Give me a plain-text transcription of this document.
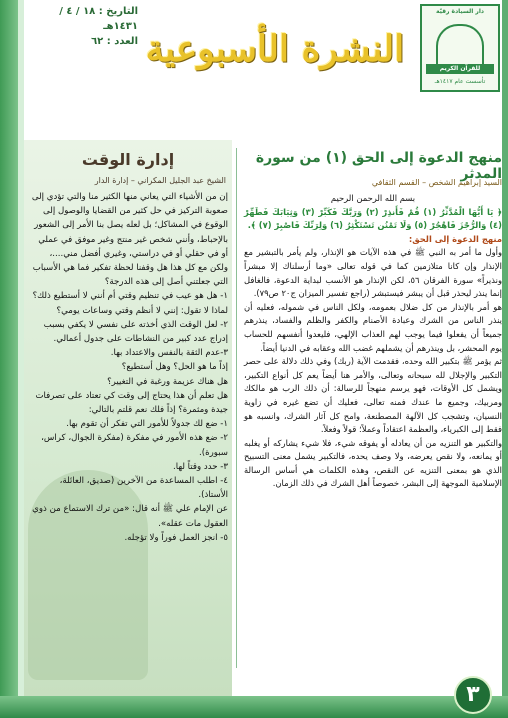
التاريخ : ١٨ / ٤ / ١٤٣١هـ
العدد : ٦٢ النشرة الأسبوعية
دار السيادة رقيّة
للقرآن الكريم
تأسست عام ١٤١٧هـ
منهج الدعوة إلى الحق (١) من سورة المدثر
السيد إبراهيم الشخص – القسم الثقافي

بسم الله الرحمن الرحيم

﴿ يَا أَيُّهَا الْمُدَّثِّرُ (١) قُمْ فَأَنذِرْ (٢) وَرَبَّكَ فَكَبِّرْ (٣) وَثِيَابَكَ فَطَهِّرْ (٤) وَالرُّجْزَ فَاهْجُرْ (٥) وَلَا تَمْنُن تَسْتَكْثِرُ (٦) وَلِرَبِّكَ فَاصْبِرْ (٧) ﴾.

منهج الدعوة إلى الحق:

وأول ما أمر به النبي ﷺ في هذه الآيات هو الإنذار، ولم يأمر بالتبشير مع الإنذار وإن كانا متلازمين كما في قوله تعالى «وما أرسلناك إلا مبشراً ونذيراً» سورة الفرقان ٥٦، لكن الإنذار هو الأنسب لبداية الدعوة، فالغافل إنما ينذر ليحذر قبل أن يبشر فيستبشر (راجع تفسير الميزان ج٢٠ ص٧٩).

هو أمر بالإنذار من كل ضلال بعمومه، ولكل الناس في شموله، فعليه أن ينذر الناس من الشرك وعبادة الأصنام والكفر والظلم والفساد، ينذرهم جميعاً أن يفعلوا فيما يوجب لهم العذاب الإلهي، فليعدوا أنفسهم للحساب يوم المحشر، بل وينذرهم أن يشملهم غضب الله وعقابه في الدنيا أيضاً.

ثم يؤمر ﷺ بتكبير الله وحده، فقدمت الآية (ربك) وفي ذلك دلالة على حصر التكبير والإجلال لله سبحانه وتعالى، والأمر هنا أيضاً يعم كل أنواع التكبير، ويشمل كل الأوقات، فهو يرسم منهجاً للرسالة: أن ذلك الرب هو مالكك ومربيك، وجميع ما عندك فمنه تعالى، فعليك أن تضع غيره في زاوية النسيان، وتشجب كل الآلهة المصطنعة، وامح كل آثار الشرك، وانسبه هو فقط إلى الكبرياء، والعظمة اعتقاداً وعملاً؛ قولاً وفعلاً.

والتكبير هو التنزيه من أن يعادله أو يفوقه شيء، فلا شيء يشاركه أو يغلبه أو يمانعه، ولا نقص يعرضه، ولا وصف يحده، فالتكبير يشمل معنى التسبيح الذي هو بمعنى التنزيه عن النقص، وهذه الكلمات هي أساس الرسالة الإسلامية الموجهة إلى البشر، خصوصاً أهل الشرك في ذلك الزمان.

إدارة الوقت
الشيخ عبد الجليل المكراني – إدارة الدار

إن من الأشياء التي يعاني منها الكثير منا والتي تؤدي إلى صعوبة التركيز في حل كثير من القضايا والوصول إلى الوقوع في المشاكل؛ بل لعله يصل بنا الأمر إلى الشعور بالإحباط، وأنني شخص غير منتج وغير موفق في عملي أو في حقلي أو في دراستي، وغيري أفضل مني....، ولكن مع كل هذا هل وقفنا لحظة تفكير فما هي الأسباب التي جعلتني أصل إلى هذه الدرجة؟

١- هل هو عيب في تنظيم وقتي أم أنني لا أستطيع ذلك؟

لماذا لا تقول: إنني لا أنظم وقتي وساعات يومي؟

٢- لعل الوقت الذي أخذته على نفسي لا يكفي بسبب إدراج عدد كبير من النشاطات على جدول أعمالي.

٣-عدم الثقة بالنفس والاعتداد بها.

إذاً ما هو الحل؟ وهل أستطيع؟

هل هناك عزيمة ورغبة في التغيير؟

هل تعلم أن هذا يحتاج إلى وقت كي تعتاد على تصرفات جيدة ومثمرة؟ إذاً فلك نعم قلتم بالتالي:

١- ضع لك جدولاً للأمور التي تفكر أن تقوم بها.

٢- ضع هذه الأمور في مفكرة (مفكرة الجوال، كراس، سبورة).

٣- حدد وقتاً لها.

٤- اطلب المساعدة من الآخرين (صديق، العائلة، الأستاذ).

عن الإمام علي ﷺ أنه قال: «من ترك الاستماع من ذوي العقول مات عقله».

٥- انجز العمل فوراً ولا تؤجله.

٣
